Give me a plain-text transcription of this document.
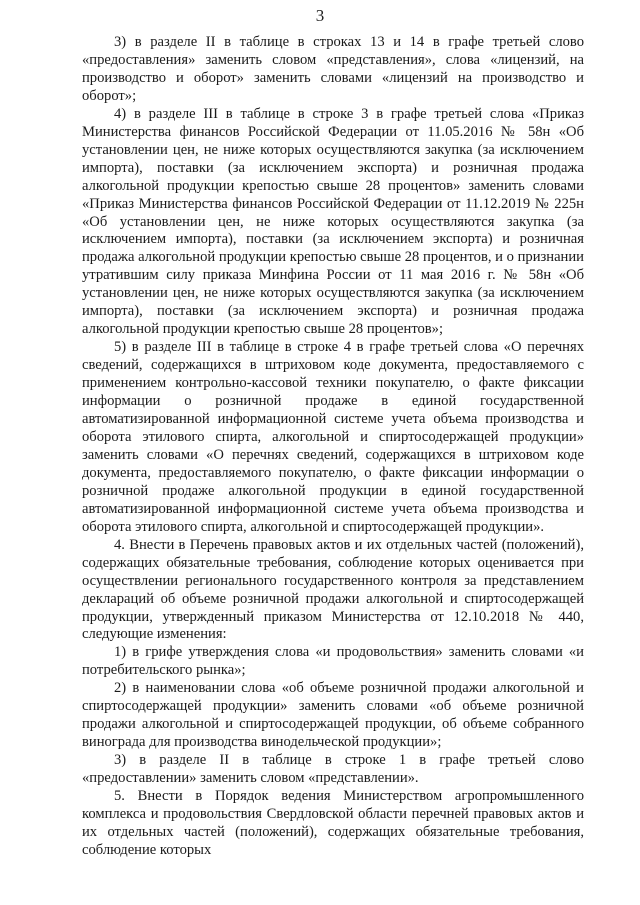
3

3) в разделе II в таблице в строках 13 и 14 в графе третьей слово «предоставления» заменить словом «представления», слова «лицензий, на производство и оборот» заменить словами «лицензий на производство и оборот»;

4) в разделе III в таблице в строке 3 в графе третьей слова «Приказ Министерства финансов Российской Федерации от 11.05.2016 № 58н «Об установлении цен, не ниже которых осуществляются закупка (за исключением импорта), поставки (за исключением экспорта) и розничная продажа алкогольной продукции крепостью свыше 28 процентов» заменить словами «Приказ Министерства финансов Российской Федерации от 11.12.2019 № 225н «Об установлении цен, не ниже которых осуществляются закупка (за исключением импорта), поставки (за исключением экспорта) и розничная продажа алкогольной продукции крепостью свыше 28 процентов, и о признании утратившим силу приказа Минфина России от 11 мая 2016 г. № 58н «Об установлении цен, не ниже которых осуществляются закупка (за исключением импорта), поставки (за исключением экспорта) и розничная продажа алкогольной продукции крепостью свыше 28 процентов»;

5) в разделе III в таблице в строке 4 в графе третьей слова «О перечнях сведений, содержащихся в штриховом коде документа, предоставляемого с применением контрольно-кассовой техники покупателю, о факте фиксации информации о розничной продаже в единой государственной автоматизированной информационной системе учета объема производства и оборота этилового спирта, алкогольной и спиртосодержащей продукции» заменить словами «О перечнях сведений, содержащихся в штриховом коде документа, предоставляемого покупателю, о факте фиксации информации о розничной продаже алкогольной продукции в единой государственной автоматизированной информационной системе учета объема производства и оборота этилового спирта, алкогольной и спиртосодержащей продукции».

4. Внести в Перечень правовых актов и их отдельных частей (положений), содержащих обязательные требования, соблюдение которых оценивается при осуществлении регионального государственного контроля за представлением деклараций об объеме розничной продажи алкогольной и спиртосодержащей продукции, утвержденный приказом Министерства от 12.10.2018 № 440, следующие изменения:

1) в грифе утверждения слова «и продовольствия» заменить словами «и потребительского рынка»;

2) в наименовании слова «об объеме розничной продажи алкогольной и спиртосодержащей продукции» заменить словами «об объеме розничной продажи алкогольной и спиртосодержащей продукции, об объеме собранного винограда для производства винодельческой продукции»;

3) в разделе II в таблице в строке 1 в графе третьей слово «предоставлении» заменить словом «представлении».

5. Внести в Порядок ведения Министерством агропромышленного комплекса и продовольствия Свердловской области перечней правовых актов и их отдельных частей (положений), содержащих обязательные требования, соблюдение которых
